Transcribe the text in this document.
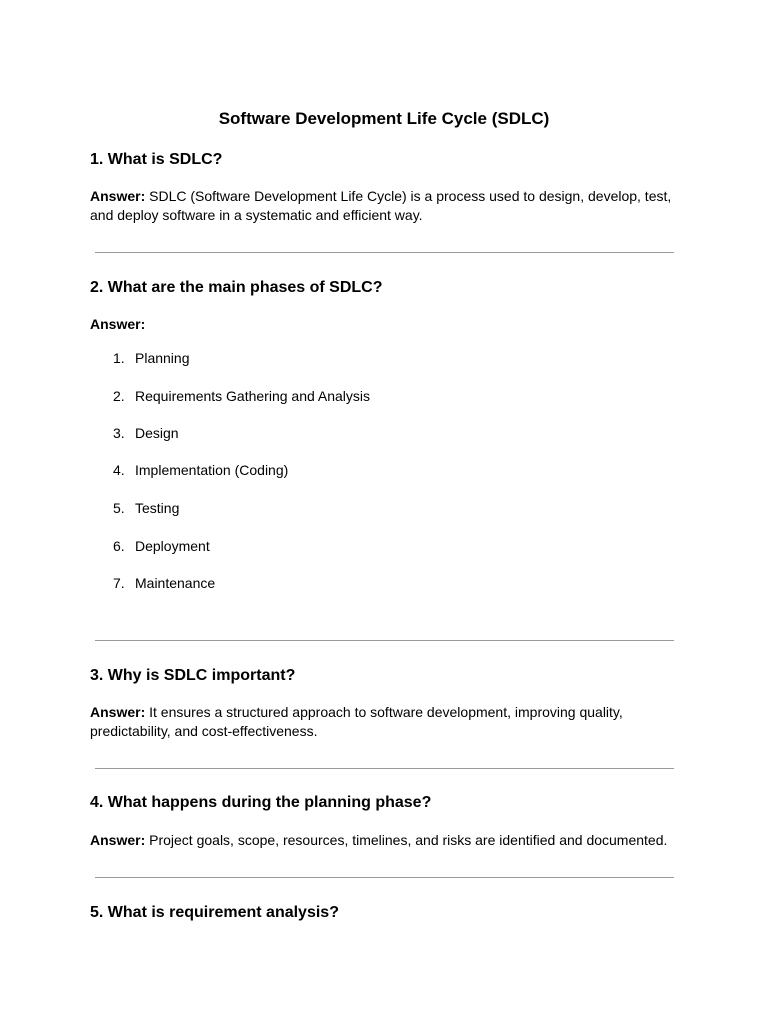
Software Development Life Cycle (SDLC)
1. What is SDLC?

Answer: SDLC (Software Development Life Cycle) is a process used to design, develop, test, and deploy software in a systematic and efficient way.

2. What are the main phases of SDLC?

Answer:

1. Planning
2. Requirements Gathering and Analysis
3. Design
4. Implementation (Coding)
5. Testing
6. Deployment
7. Maintenance
3. Why is SDLC important?

Answer: It ensures a structured approach to software development, improving quality, predictability, and cost-effectiveness.

4. What happens during the planning phase?

Answer: Project goals, scope, resources, timelines, and risks are identified and documented.

5. What is requirement analysis?
